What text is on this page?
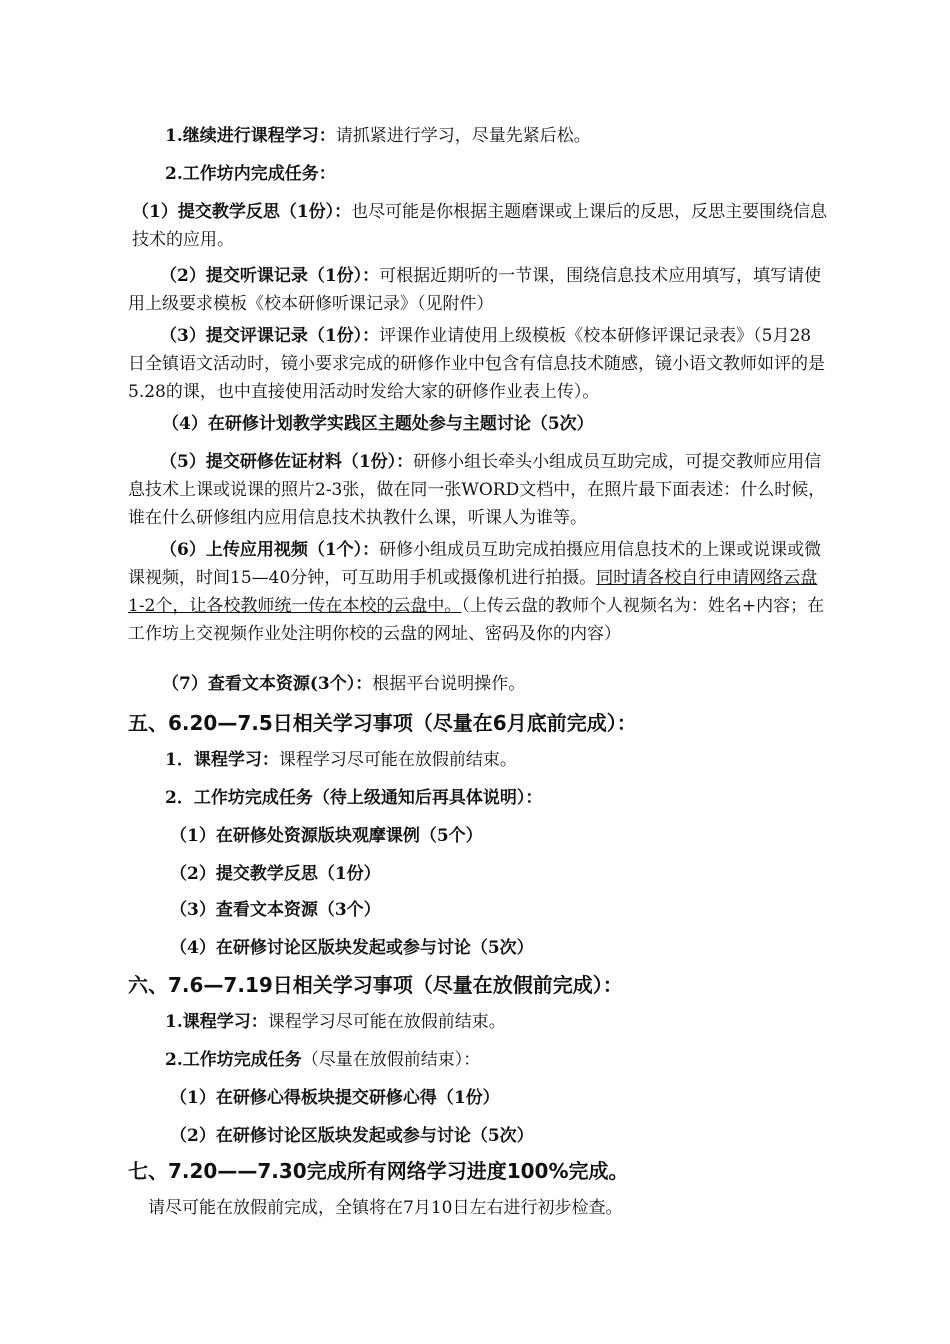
1.继续进行课程学习：请抓紧进行学习，尽量先紧后松。

2.工作坊内完成任务：

（1）提交教学反思（1份）：也尽可能是你根据主题磨课或上课后的反思，反思主要围绕信息技术的应用。

（2）提交听课记录（1份）：可根据近期听的一节课，围绕信息技术应用填写，填写请使用上级要求模板《校本研修听课记录》（见附件）

（3）提交评课记录（1份）：评课作业请使用上级模板《校本研修评课记录表》（5月28日全镇语文活动时，镜小要求完成的研修作业中包含有信息技术随感，镜小语文教师如评的是5.28的课，也中直接使用活动时发给大家的研修作业表上传）。

（4）在研修计划教学实践区主题处参与主题讨论（5次）

（5）提交研修佐证材料（1份）：研修小组长牵头小组成员互助完成，可提交教师应用信息技术上课或说课的照片2-3张，做在同一张WORD文档中，在照片最下面表述：什么时候，谁在什么研修组内应用信息技术执教什么课，听课人为谁等。

（6）上传应用视频（1个）：研修小组成员互助完成拍摄应用信息技术的上课或说课或微课视频，时间15—40分钟，可互助用手机或摄像机进行拍摄。同时请各校自行申请网络云盘1-2个，让各校教师统一传在本校的云盘中。（上传云盘的教师个人视频名为：姓名+内容；在工作坊上交视频作业处注明你校的云盘的网址、密码及你的内容）

（7）查看文本资源(3个）：根据平台说明操作。

五、6.20—7.5日相关学习事项（尽量在6月底前完成）：

1．课程学习：课程学习尽可能在放假前结束。

2．工作坊完成任务（待上级通知后再具体说明）：

（1）在研修处资源版块观摩课例（5个）

（2）提交教学反思（1份）

（3）查看文本资源（3个）

（4）在研修讨论区版块发起或参与讨论（5次）

六、7.6—7.19日相关学习事项（尽量在放假前完成）：

1.课程学习：课程学习尽可能在放假前结束。

2.工作坊完成任务（尽量在放假前结束）：

（1）在研修心得板块提交研修心得（1份）

（2）在研修讨论区版块发起或参与讨论（5次）

七、7.20——7.30完成所有网络学习进度100%完成。

请尽可能在放假前完成，全镇将在7月10日左右进行初步检查。
